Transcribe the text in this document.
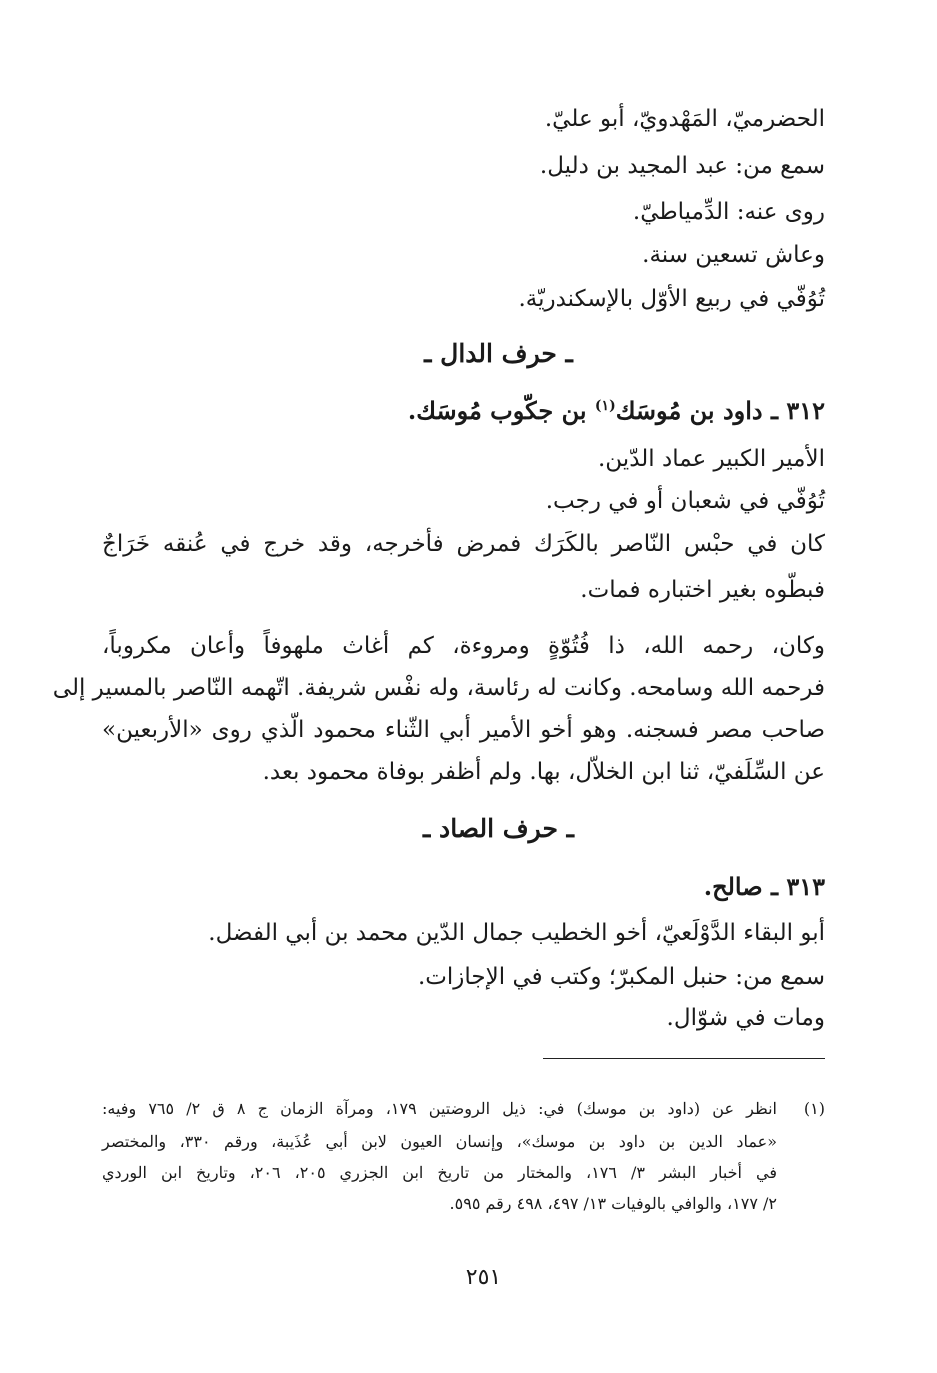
الحضرميّ، المَهْدويّ، أبو عليّ.
سمع من: عبد المجيد بن دليل.
روى عنه: الدِّمياطيّ.
وعاش تسعين سنة.
تُوُفّي في ربيع الأوّل بالإسكندريّة.
ـ حرف الدال ـ
٣١٢ ـ داود بن مُوسَك$^{(١)}$ بن جكّوب مُوسَك.
الأمير الكبير عماد الدّين.
تُوُفّي في شعبان أو في رجب.
كان في حبْس النّاصر بالكَرَك فمرض فأخرجه، وقد خرج في عُنقه خَرَاجٌ
فبطّوه بغير اختباره فمات.
وكان، رحمه الله، ذا فُتُوّةٍ ومروءة، كم أغاث ملهوفاً وأعان مكروباً،
فرحمه الله وسامحه. وكانت له رئاسة، وله نفْس شريفة. اتّهمه النّاصر بالمسير إلى
صاحب مصر فسجنه. وهو أخو الأمير أبي الثّناء محمود الّذي روى «الأربعين»
عن السِّلَفيّ، ثنا ابن الخلاّل، بها. ولم أظفر بوفاة محمود بعد.
ـ حرف الصاد ـ
٣١٣ ـ صالح.
أبو البقاء الدَّوْلَعيّ، أخو الخطيب جمال الدّين محمد بن أبي الفضل.
سمع من: حنبل المكبرّ؛ وكتب في الإجازات.
ومات في شوّال.
(١)
انظر عن (داود بن موسك) في: ذيل الروضتين ١٧٩، ومرآة الزمان ج ٨ ق ٢/ ٧٦٥ وفيه:
«عماد الدين بن داود بن موسك»، وإنسان العيون لابن أبي عُذَيبة، ورقم ٣٣٠، والمختصر
في أخبار البشر ٣/ ١٧٦، والمختار من تاريخ ابن الجزري ٢٠٥، ٢٠٦، وتاريخ ابن الوردي
٢/ ١٧٧، والوافي بالوفيات ١٣/ ٤٩٧، ٤٩٨ رقم ٥٩٥.
٢٥١
